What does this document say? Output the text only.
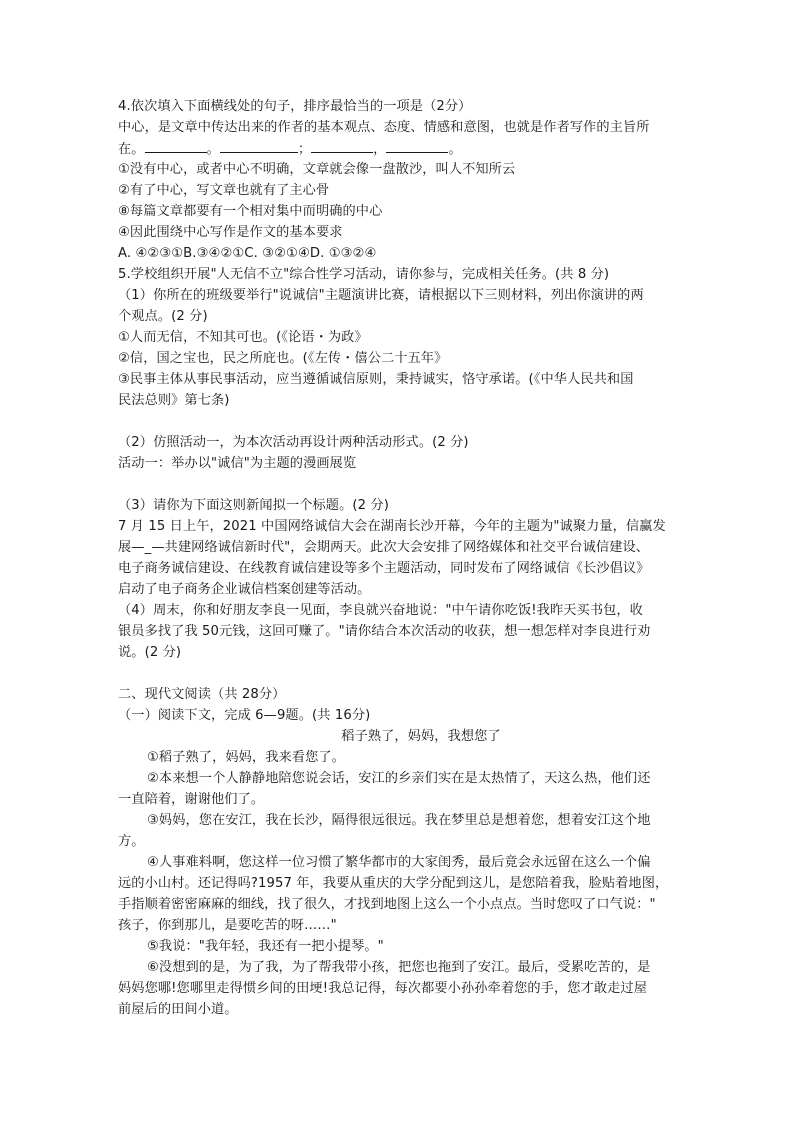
4.依次填入下面横线处的句子，排序最恰当的一项是（2分）
中心，是文章中传达出来的作者的基本观点、态度、情感和意图，也就是作者写作的主旨所
在。	。	；	，	。
①没有中心，或者中心不明确，文章就会像一盘散沙，叫人不知所云
②有了中心，写文章也就有了主心骨
⑧每篇文章都要有一个相对集中而明确的中心
④因此围绕中心写作是作文的基本要求
A. ④②③①B.③④②①C. ③②①④D. ①③②④
5.学校组织开展"人无信不立"综合性学习活动，请你参与，完成相关任务。(共 8 分)
（1）你所在的班级要举行"说诚信"主题演讲比赛，请根据以下三则材料，列出你演讲的两
个观点。(2 分)
①人而无信，不知其可也。(《论语・为政》
②信，国之宝也，民之所庇也。(《左传・僖公二十五年》
③民事主体从事民事活动，应当遵循诚信原则，秉持诚实，恪守承诺。(《中华人民共和国
民法总则》第七条)
（2）仿照活动一，为本次活动再设计两种活动形式。(2 分)
活动一：举办以"诚信"为主题的漫画展览
（3）请你为下面这则新闻拟一个标题。(2 分)
7 月 15 日上午，2021 中国网络诚信大会在湖南长沙开幕，今年的主题为"诚聚力量，信赢发
展—_—共建网络诚信新时代"，会期两天。此次大会安排了网络媒体和社交平台诚信建设、
电子商务诚信建设、在线教育诚信建设等多个主题活动，同时发布了网络诚信《长沙倡议》
启动了电子商务企业诚信档案创建等活动。
（4）周末，你和好朋友李良一见面，李良就兴奋地说："中午请你吃饭!我昨天买书包，收
银员多找了我 50元钱，这回可赚了。"请你结合本次活动的收获，想一想怎样对李良进行劝
说。(2 分)
二、现代文阅读（共 28分）
（一）阅读下文，完成 6—9题。(共 16分)
稻子熟了，妈妈，我想您了
①稻子熟了，妈妈，我来看您了。
②本来想一个人静静地陪您说会话，安江的乡亲们实在是太热情了，天这么热，他们还
一直陪着，谢谢他们了。
③妈妈，您在安江，我在长沙，隔得很远很远。我在梦里总是想着您，想着安江这个地
方。
④人事难料啊，您这样一位习惯了繁华都市的大家闺秀，最后竟会永远留在这么一个偏
远的小山村。还记得吗?1957 年，我要从重庆的大学分配到这儿，是您陪着我，脸贴着地图，
手指顺着密密麻麻的细线，找了很久，才找到地图上这么一个小点点。当时您叹了口气说："
孩子，你到那儿，是要吃苦的呀……"
⑤我说："我年轻，我还有一把小提琴。"
⑥没想到的是，为了我，为了帮我带小孩，把您也拖到了安江。最后，受累吃苦的，是
妈妈您哪!您哪里走得惯乡间的田埂!我总记得，每次都要小孙孙牵着您的手，您才敢走过屋
前屋后的田间小道。
